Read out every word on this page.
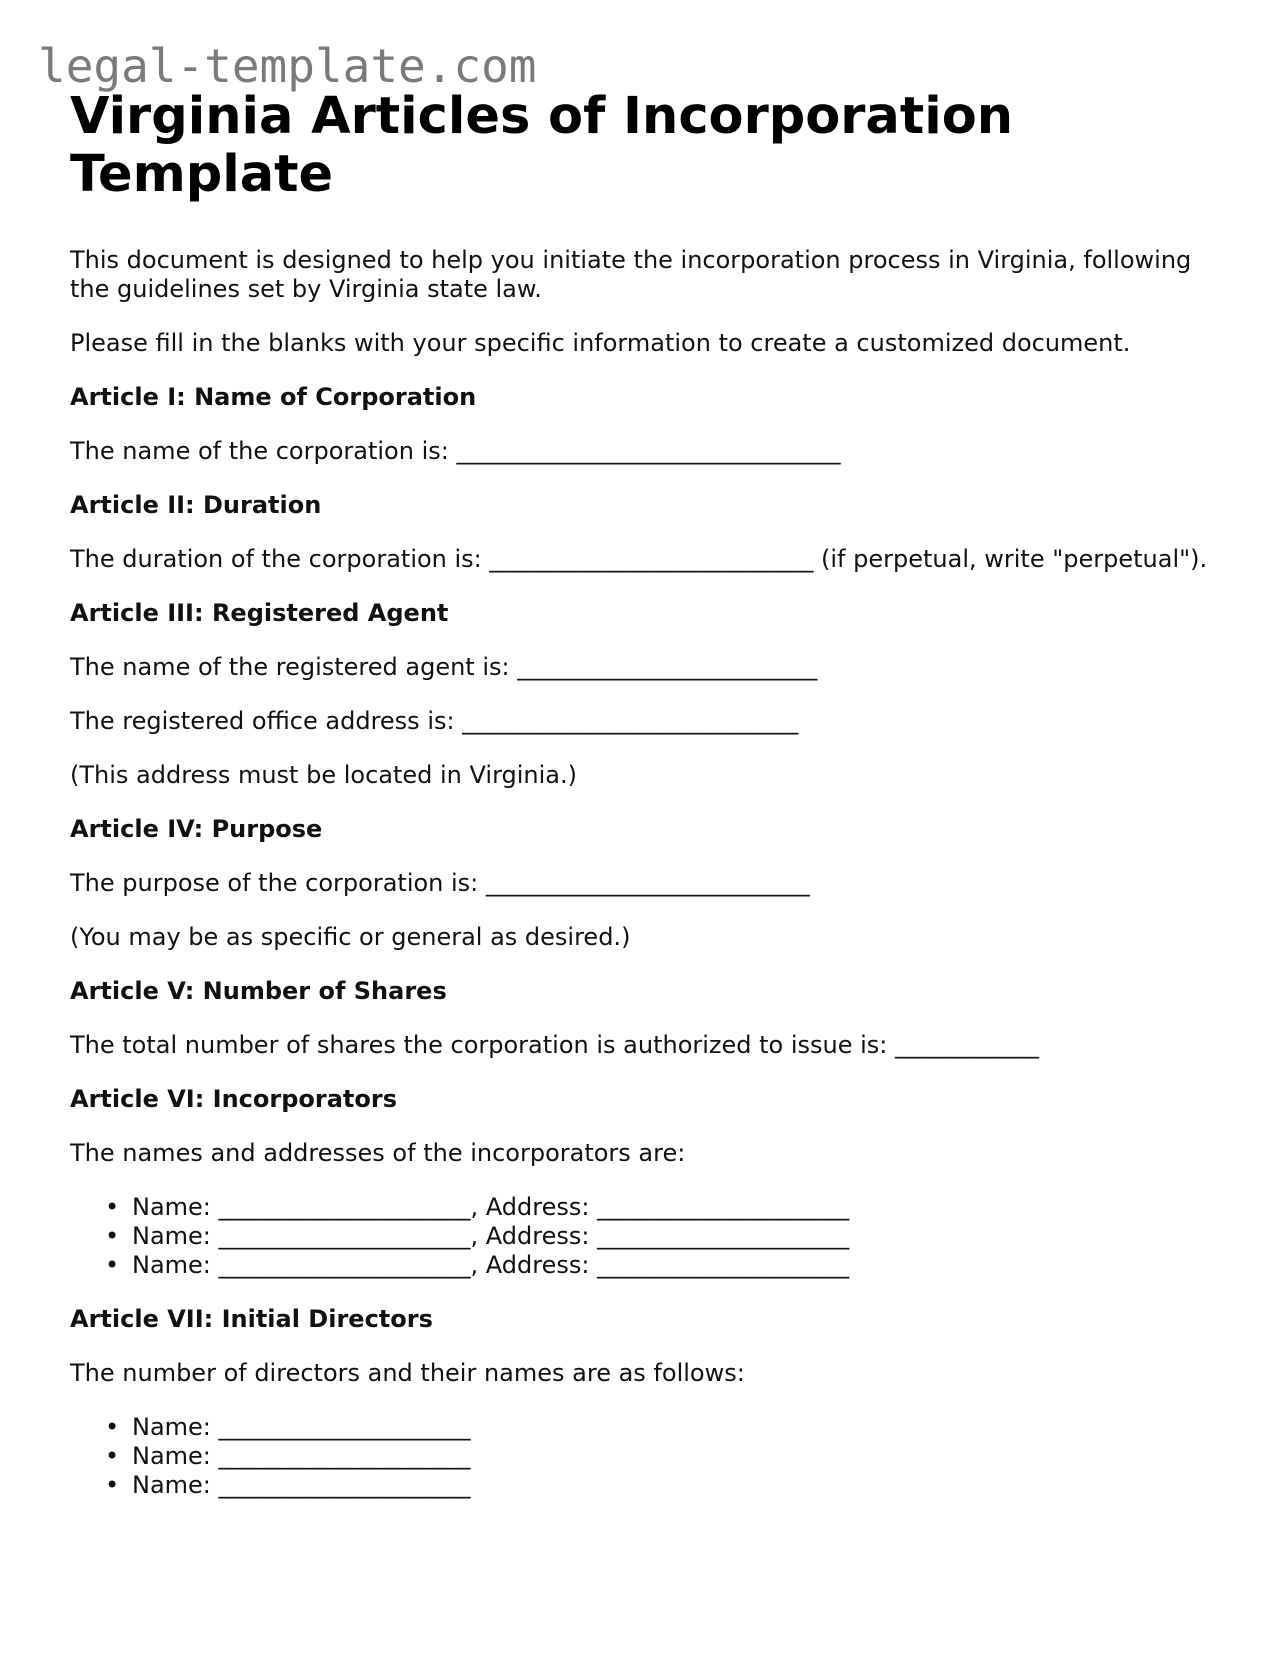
legal-template.com
Virginia Articles of Incorporation Template

This document is designed to help you initiate the incorporation process in Virginia, following the guidelines set by Virginia state law.

Please fill in the blanks with your specific information to create a customized document.

Article I: Name of Corporation

The name of the corporation is: ________________________________

Article II: Duration

The duration of the corporation is: ___________________________ (if perpetual, write "perpetual").

Article III: Registered Agent

The name of the registered agent is: _________________________

The registered office address is: ____________________________

(This address must be located in Virginia.)

Article IV: Purpose

The purpose of the corporation is: ___________________________

(You may be as specific or general as desired.)

Article V: Number of Shares

The total number of shares the corporation is authorized to issue is: ____________

Article VI: Incorporators

The names and addresses of the incorporators are:

• Name: _____________________, Address: _____________________
• Name: _____________________, Address: _____________________
• Name: _____________________, Address: _____________________
Article VII: Initial Directors

The number of directors and their names are as follows:

• Name: _____________________
• Name: _____________________
• Name: _____________________
